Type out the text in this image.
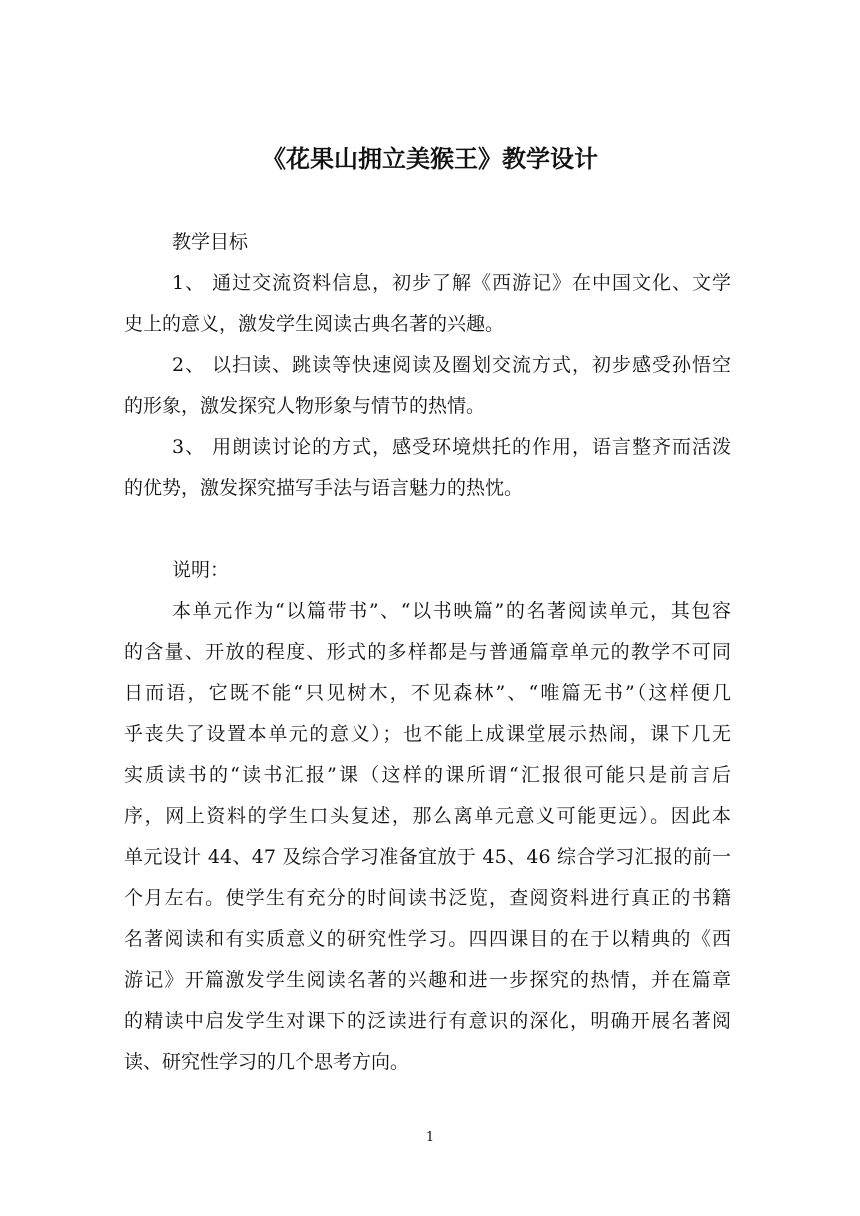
《花果山拥立美猴王》教学设计
教学目标
1、 通过交流资料信息，初步了解《西游记》在中国文化、文学
史上的意义，激发学生阅读古典名著的兴趣。
2、 以扫读、跳读等快速阅读及圈划交流方式，初步感受孙悟空
的形象，激发探究人物形象与情节的热情。
3、 用朗读讨论的方式，感受环境烘托的作用，语言整齐而活泼
的优势，激发探究描写手法与语言魅力的热忱。
说明：
本单元作为“以篇带书”、“以书映篇”的名著阅读单元，其包容
的含量、开放的程度、形式的多样都是与普通篇章单元的教学不可同
日而语，它既不能“只见树木，不见森林”、“唯篇无书”（这样便几
乎丧失了设置本单元的意义）；也不能上成课堂展示热闹，课下几无
实质读书的“读书汇报”课（这样的课所谓“汇报很可能只是前言后
序，网上资料的学生口头复述，那么离单元意义可能更远）。因此本
单元设计 44、47 及综合学习准备宜放于 45、46 综合学习汇报的前一
个月左右。使学生有充分的时间读书泛览，查阅资料进行真正的书籍
名著阅读和有实质意义的研究性学习。四四课目的在于以精典的《西
游记》开篇激发学生阅读名著的兴趣和进一步探究的热情，并在篇章
的精读中启发学生对课下的泛读进行有意识的深化，明确开展名著阅
读、研究性学习的几个思考方向。
1
